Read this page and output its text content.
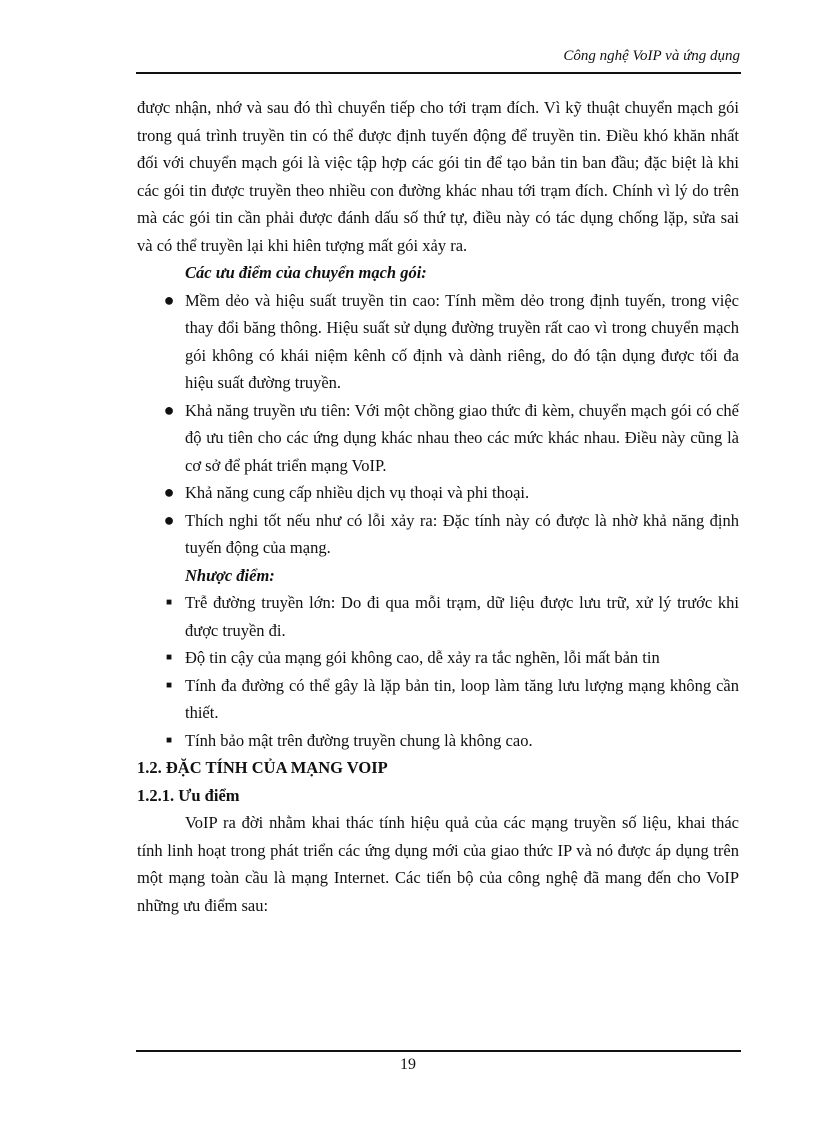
Công nghệ VoIP và ứng dụng

được nhận, nhớ và sau đó thì chuyển tiếp cho tới trạm đích. Vì kỹ thuật chuyển mạch gói trong quá trình truyền tin có thể được định tuyến động để truyền tin. Điều khó khăn nhất đối với chuyển mạch gói là việc tập hợp các gói tin để tạo bản tin ban đầu; đặc biệt là khi các gói tin được truyền theo nhiều con đường khác nhau tới trạm đích. Chính vì lý do trên mà các gói tin cần phải được đánh dấu số thứ tự, điều này có tác dụng chống lặp, sửa sai và có thể truyền lại khi hiên tượng mất gói xảy ra.

Các ưu điểm của chuyển mạch gói:

● Mềm dẻo và hiệu suất truyền tin cao: Tính mềm dẻo trong định tuyến, trong việc thay đổi băng thông. Hiệu suất sử dụng đường truyền rất cao vì trong chuyển mạch gói không có khái niệm kênh cố định và dành riêng, do đó tận dụng được tối đa hiệu suất đường truyền.
● Khả năng truyền ưu tiên: Với một chồng giao thức đi kèm, chuyển mạch gói có chế độ ưu tiên cho các ứng dụng khác nhau theo các mức khác nhau. Điều này cũng là cơ sở để phát triển mạng VoIP.
● Khả năng cung cấp nhiều dịch vụ thoại và phi thoại.
● Thích nghi tốt nếu như có lỗi xảy ra: Đặc tính này có được là nhờ khả năng định tuyến động của mạng.

Nhược điểm:

■ Trễ đường truyền lớn: Do đi qua mỗi trạm, dữ liệu được lưu trữ, xử lý trước khi được truyền đi.
■ Độ tin cậy của mạng gói không cao, dễ xảy ra tắc nghẽn, lỗi mất bản tin
■ Tính đa đường có thể gây là lặp bản tin, loop làm tăng lưu lượng mạng không cần thiết.
■ Tính bảo mật trên đường truyền chung là không cao.

1.2. ĐẶC TÍNH CỦA MẠNG VOIP

1.2.1. Ưu điểm

VoIP ra đời nhằm khai thác tính hiệu quả của các mạng truyền số liệu, khai thác tính linh hoạt trong phát triển các ứng dụng mới của giao thức IP và nó được áp dụng trên một mạng toàn cầu là mạng Internet. Các tiến bộ của công nghệ đã mang đến cho VoIP những ưu điểm sau:

19
